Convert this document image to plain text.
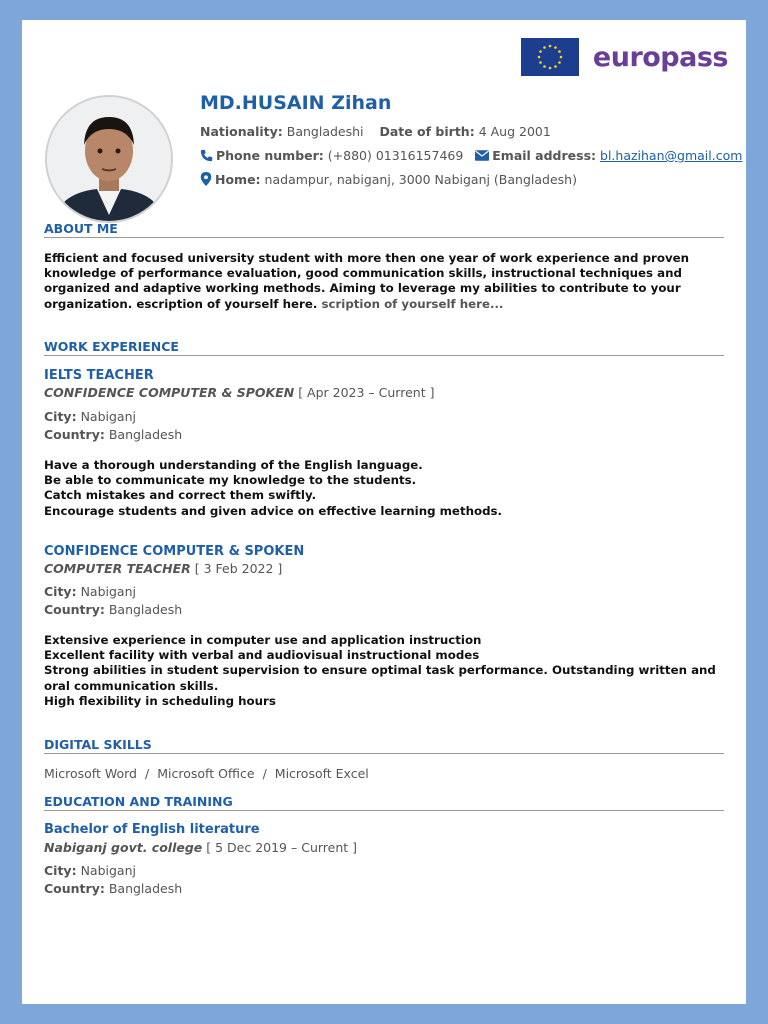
europass
MD.HUSAIN Zihan
Nationality: Bangladeshi Date of birth: 4 Aug 2001
Phone number: (+880) 01316157469 Email address: bl.hazihan@gmail.com
Home: nadampur, nabiganj, 3000 Nabiganj (Bangladesh)
ABOUT ME
Efficient and focused university student with more then one year of work experience and proven knowledge of performance evaluation, good communication skills, instructional techniques and organized and adaptive working methods. Aiming to leverage my abilities to contribute to your organization. escription of yourself here. scription of yourself here...
WORK EXPERIENCE
IELTS TEACHER
CONFIDENCE COMPUTER & SPOKEN [ Apr 2023 – Current ]
City: Nabiganj
Country: Bangladesh
Have a thorough understanding of the English language.
Be able to communicate my knowledge to the students.
Catch mistakes and correct them swiftly.
Encourage students and given advice on effective learning methods.
CONFIDENCE COMPUTER & SPOKEN
COMPUTER TEACHER [ 3 Feb 2022 ]
City: Nabiganj
Country: Bangladesh
Extensive experience in computer use and application instruction
Excellent facility with verbal and audiovisual instructional modes
Strong abilities in student supervision to ensure optimal task performance. Outstanding written and oral communication skills.
High flexibility in scheduling hours
DIGITAL SKILLS
Microsoft Word / Microsoft Office / Microsoft Excel
EDUCATION AND TRAINING
Bachelor of English literature
Nabiganj govt. college [ 5 Dec 2019 – Current ]
City: Nabiganj
Country: Bangladesh
